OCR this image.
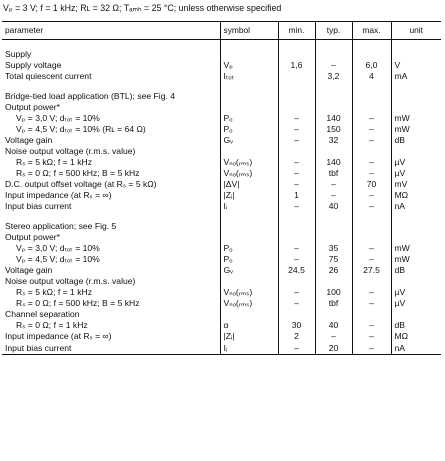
Vₚ = 3 V; f = 1 kHz; Rʟ = 32 Ω; Tₐₘₕ = 25 °C; unless otherwise specified
parameter	symbol	min.	typ.	max.	unit

Supply					
Supply voltage	Vₚ	1,6	–	6,0	V
Total quiescent current	Iₜₒₜ		3,2	4	mA

Bridge-tied load application (BTL); see Fig. 4					
Output power*					
Vₚ = 3,0 V; dₜₒₜ = 10%	Pₒ	–	140	–	mW
Vₚ = 4,5 V; dₜₒₜ = 10% (Rʟ = 64 Ω)	Pₒ	–	150	–	mW
Voltage gain	Gᵥ	–	32	–	dB
Noise output voltage (r.m.s. value)					
Rₛ = 5 kΩ; f = 1 kHz	Vₙₒ(ᵣₘₛ)	–	140	–	µV
Rₛ = 0 Ω; f = 500 kHz; B = 5 kHz	Vₙₒ(ᵣₘₛ)	–	tbf	–	µV
D.C. output offset voltage (at Rₛ = 5 kΩ)	|ΔV|	–	–	70	mV
Input impedance (at Rₛ = ∞)	|Zᵢ|	1	–	–	MΩ
Input bias current	Iᵢ	–	40	–	nA

Stereo application; see Fig. 5					
Output power*					
Vₚ = 3,0 V; dₜₒₜ = 10%	Pₒ	–	35	–	mW
Vₚ = 4,5 V; dₜₒₜ = 10%	Pₒ	–	75	–	mW
Voltage gain	Gᵥ	24.5	26	27.5	dB
Noise output voltage (r.m.s. value)					
Rₛ = 5 kΩ; f = 1 kHz	Vₙₒ(ᵣₘₛ)	–	100	–	µV
Rₛ = 0 Ω; f = 500 kHz; B = 5 kHz	Vₙₒ(ᵣₘₛ)	–	tbf	–	µV
Channel separation					
Rₛ = 0 Ω; f = 1 kHz	α	30	40	–	dB
Input impedance (at Rₛ = ∞)	|Zᵢ|	2	–	–	MΩ
Input bias current	Iᵢ	–	20	–	nA
